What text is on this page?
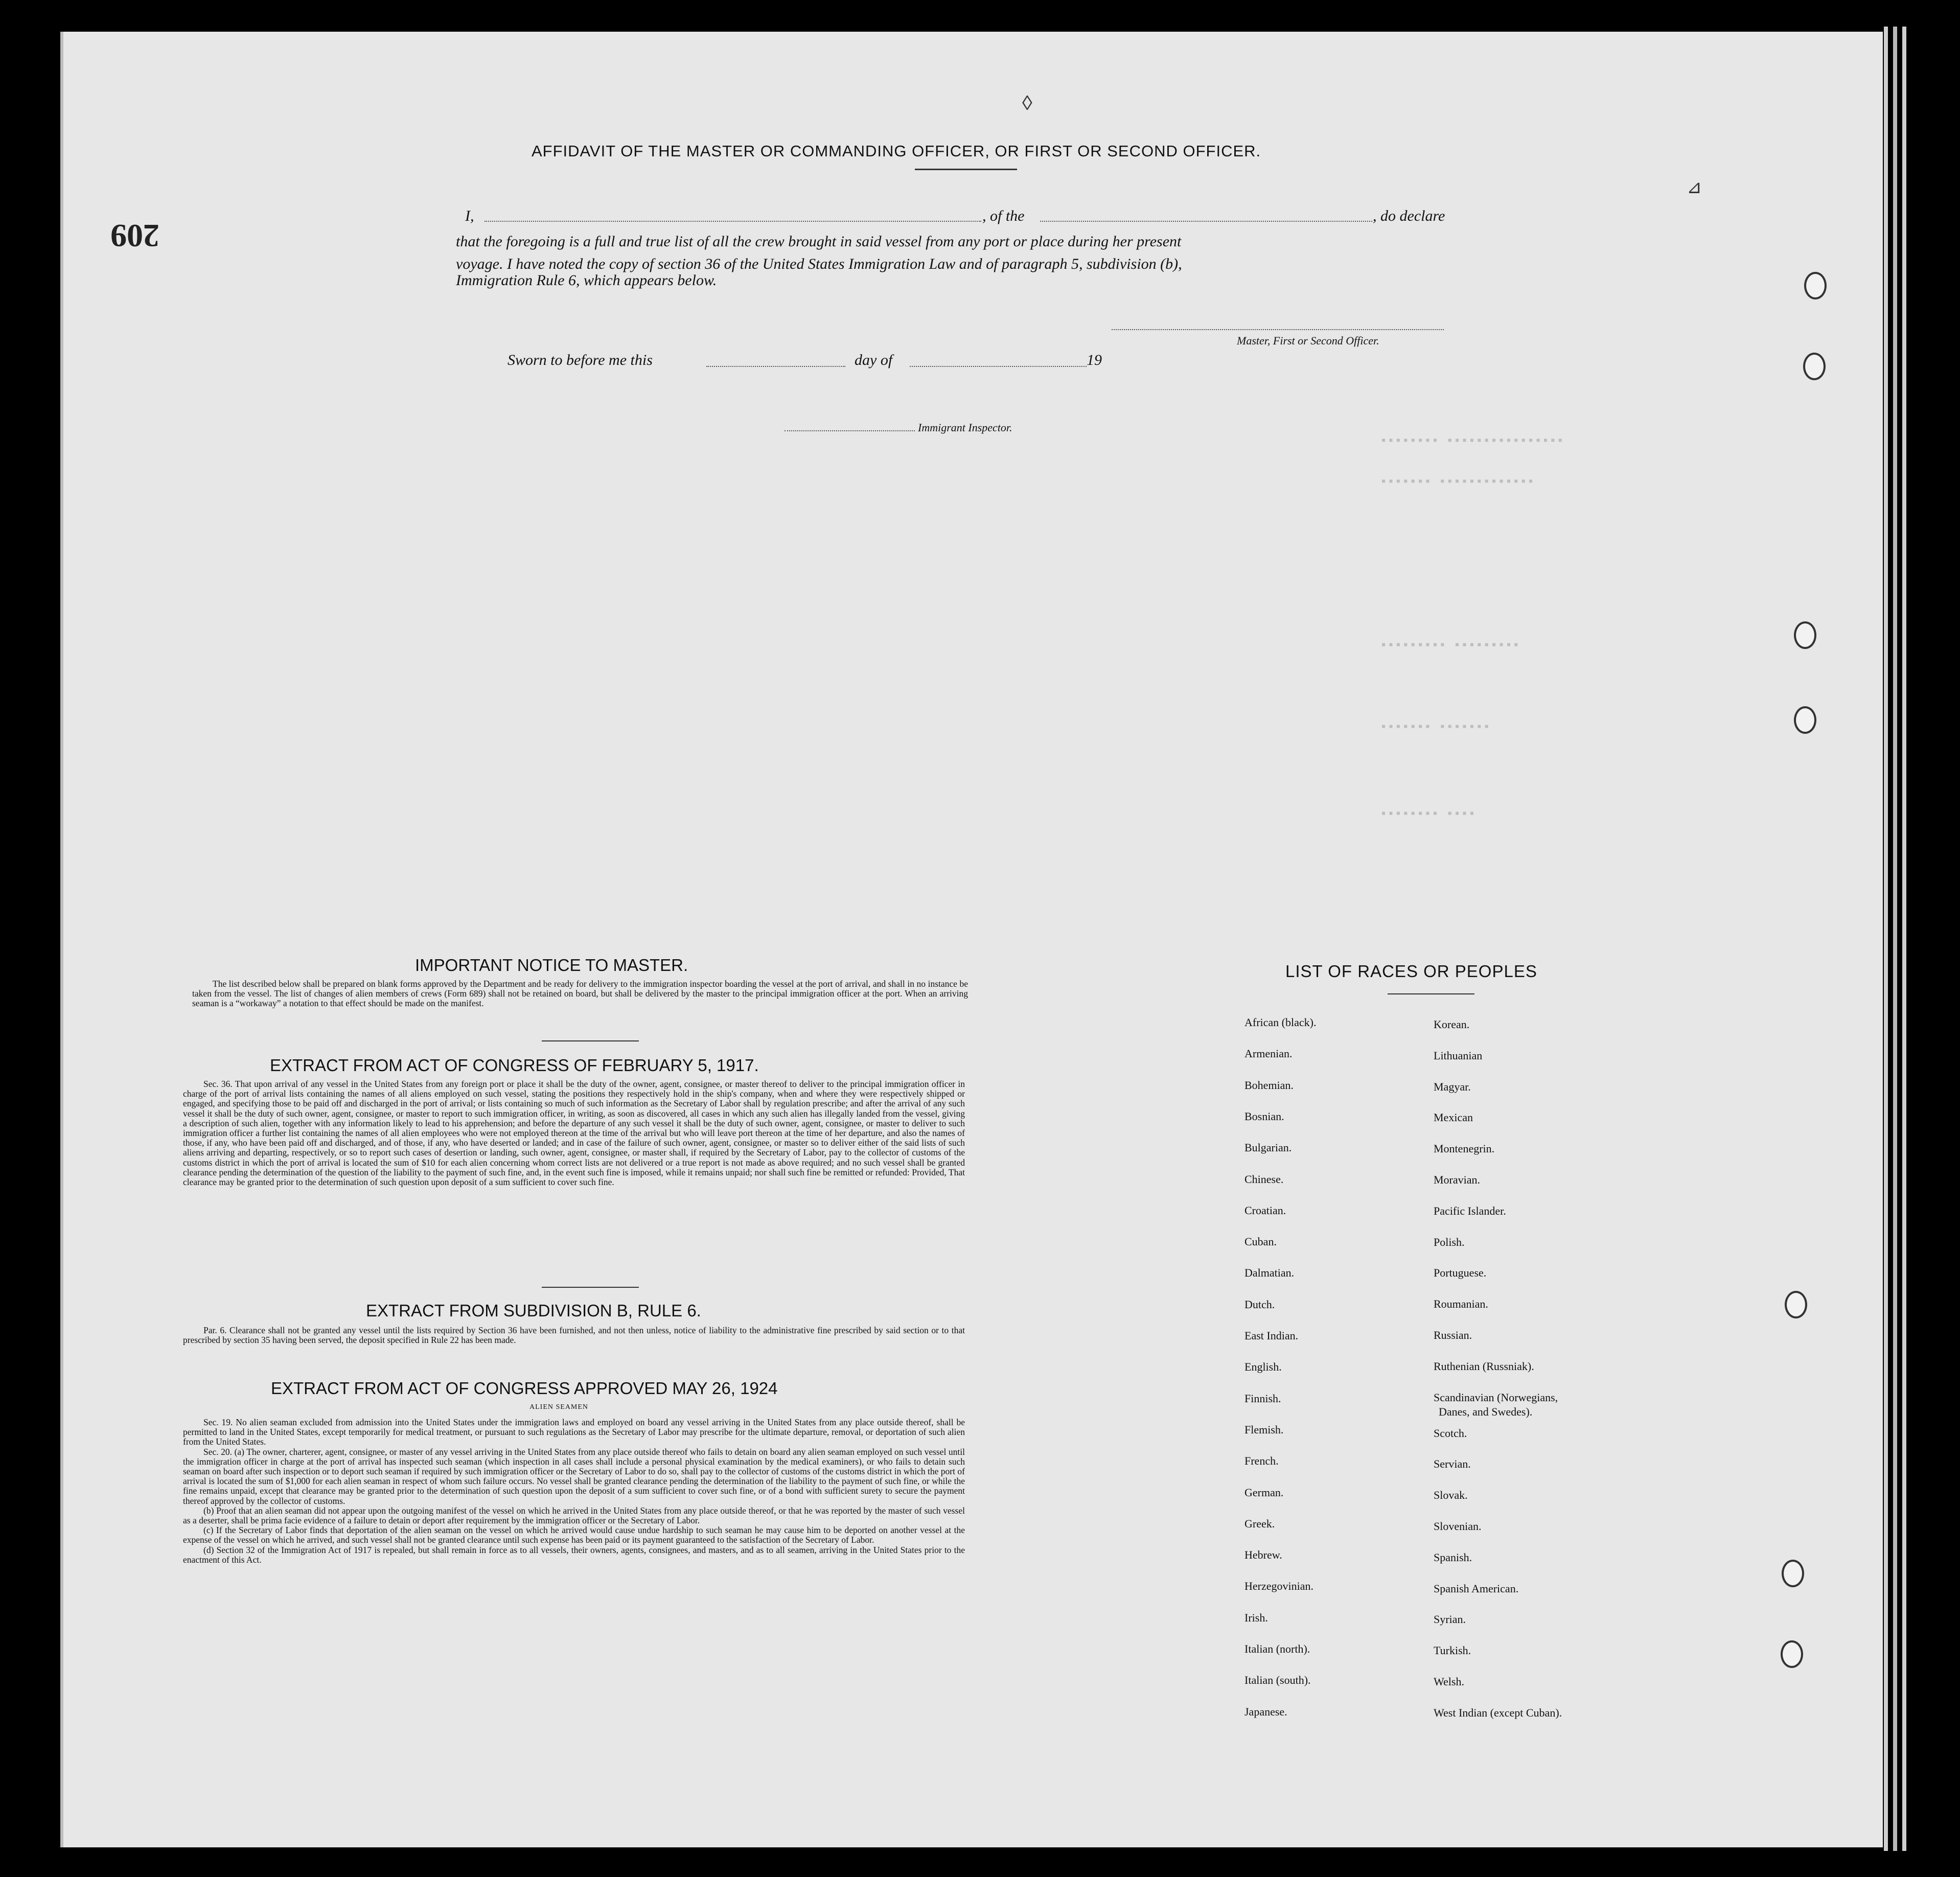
209
▪▪▪▪▪▪▪▪ ▪▪▪▪▪▪▪▪▪▪▪▪▪▪▪▪
▪▪▪▪▪▪▪ ▪▪▪▪▪▪▪▪▪▪▪▪▪
▪▪▪▪▪▪▪▪▪ ▪▪▪▪▪▪▪▪▪
▪▪▪▪▪▪▪ ▪▪▪▪▪▪▪
▪▪▪▪▪▪▪▪ ▪▪▪▪
◊
⊿
AFFIDAVIT OF THE MASTER OR COMMANDING OFFICER, OR FIRST OR SECOND OFFICER.
I,	, of the	, do declare
that the foregoing is a full and true list of all the crew brought in said vessel from any port or place during her present
voyage. I have noted the copy of section 36 of the United States Immigration Law and of paragraph 5, subdivision (b),
Immigration Rule 6, which appears below.
Master, First or Second Officer.
Sworn to before me this	day of	19
Immigrant Inspector.
IMPORTANT NOTICE TO MASTER.
The list described below shall be prepared on blank forms approved by the Department and be ready for delivery to the immigration inspector boarding the vessel at the port of arrival, and shall in no instance be taken from the vessel. The list of changes of alien members of crews (Form 689) shall not be retained on board, but shall be delivered by the master to the principal immigration officer at the port. When an arriving seaman is a “workaway” a notation to that effect should be made on the manifest.
EXTRACT FROM ACT OF CONGRESS OF FEBRUARY 5, 1917.
Sec. 36. That upon arrival of any vessel in the United States from any foreign port or place it shall be the duty of the owner, agent, consignee, or master thereof to deliver to the principal immigration officer in charge of the port of arrival lists containing the names of all aliens employed on such vessel, stating the positions they respectively hold in the ship's company, when and where they were respectively shipped or engaged, and specifying those to be paid off and discharged in the port of arrival; or lists containing so much of such information as the Secretary of Labor shall by regulation prescribe; and after the arrival of any such vessel it shall be the duty of such owner, agent, consignee, or master to report to such immigration officer, in writing, as soon as discovered, all cases in which any such alien has illegally landed from the vessel, giving a description of such alien, together with any information likely to lead to his apprehension; and before the departure of any such vessel it shall be the duty of such owner, agent, consignee, or master to deliver to such immigration officer a further list containing the names of all alien employees who were not employed thereon at the time of the arrival but who will leave port thereon at the time of her departure, and also the names of those, if any, who have been paid off and discharged, and of those, if any, who have deserted or landed; and in case of the failure of such owner, agent, consignee, or master so to deliver either of the said lists of such aliens arriving and departing, respectively, or so to report such cases of desertion or landing, such owner, agent, consignee, or master shall, if required by the Secretary of Labor, pay to the collector of customs of the customs district in which the port of arrival is located the sum of $10 for each alien concerning whom correct lists are not delivered or a true report is not made as above required; and no such vessel shall be granted clearance pending the determination of the question of the liability to the payment of such fine, and, in the event such fine is imposed, while it remains unpaid; nor shall such fine be remitted or refunded: Provided, That clearance may be granted prior to the determination of such question upon deposit of a sum sufficient to cover such fine.
EXTRACT FROM SUBDIVISION B, RULE 6.
Par. 6. Clearance shall not be granted any vessel until the lists required by Section 36 have been furnished, and not then unless, notice of liability to the administrative fine prescribed by said section or to that prescribed by section 35 having been served, the deposit specified in Rule 22 has been made.
EXTRACT FROM ACT OF CONGRESS APPROVED MAY 26, 1924
ALIEN SEAMEN

Sec. 19. No alien seaman excluded from admission into the United States under the immigration laws and employed on board any vessel arriving in the United States from any place outside thereof, shall be permitted to land in the United States, except temporarily for medical treatment, or pursuant to such regulations as the Secretary of Labor may prescribe for the ultimate departure, removal, or deportation of such alien from the United States.

Sec. 20. (a) The owner, charterer, agent, consignee, or master of any vessel arriving in the United States from any place outside thereof who fails to detain on board any alien seaman employed on such vessel until the immigration officer in charge at the port of arrival has inspected such seaman (which inspection in all cases shall include a personal physical examination by the medical examiners), or who fails to detain such seaman on board after such inspection or to deport such seaman if required by such immigration officer or the Secretary of Labor to do so, shall pay to the collector of customs of the customs district in which the port of arrival is located the sum of $1,000 for each alien seaman in respect of whom such failure occurs. No vessel shall be granted clearance pending the determination of the liability to the payment of such fine, or while the fine remains unpaid, except that clearance may be granted prior to the determination of such question upon the deposit of a sum sufficient to cover such fine, or of a bond with sufficient surety to secure the payment thereof approved by the collector of customs.

(b) Proof that an alien seaman did not appear upon the outgoing manifest of the vessel on which he arrived in the United States from any place outside thereof, or that he was reported by the master of such vessel as a deserter, shall be prima facie evidence of a failure to detain or deport after requirement by the immigration officer or the Secretary of Labor.

(c) If the Secretary of Labor finds that deportation of the alien seaman on the vessel on which he arrived would cause undue hardship to such seaman he may cause him to be deported on another vessel at the expense of the vessel on which he arrived, and such vessel shall not be granted clearance until such expense has been paid or its payment guaranteed to the satisfaction of the Secretary of Labor.

(d) Section 32 of the Immigration Act of 1917 is repealed, but shall remain in force as to all vessels, their owners, agents, consignees, and masters, and as to all seamen, arriving in the United States prior to the enactment of this Act.

LIST OF RACES OR PEOPLES
African (black).
Armenian.
Bohemian.
Bosnian.
Bulgarian.
Chinese.
Croatian.
Cuban.
Dalmatian.
Dutch.
East Indian.
English.
Finnish.
Flemish.
French.
German.
Greek.
Hebrew.
Herzegovinian.
Irish.
Italian (north).
Italian (south).
Japanese.
Korean.
Lithuanian
Magyar.
Mexican
Montenegrin.
Moravian.
Pacific Islander.
Polish.
Portuguese.
Roumanian.
Russian.
Ruthenian (Russniak).
Scandinavian (Norwegians,
Danes, and Swedes).
Scotch.
Servian.
Slovak.
Slovenian.
Spanish.
Spanish American.
Syrian.
Turkish.
Welsh.
West Indian (except Cuban).
